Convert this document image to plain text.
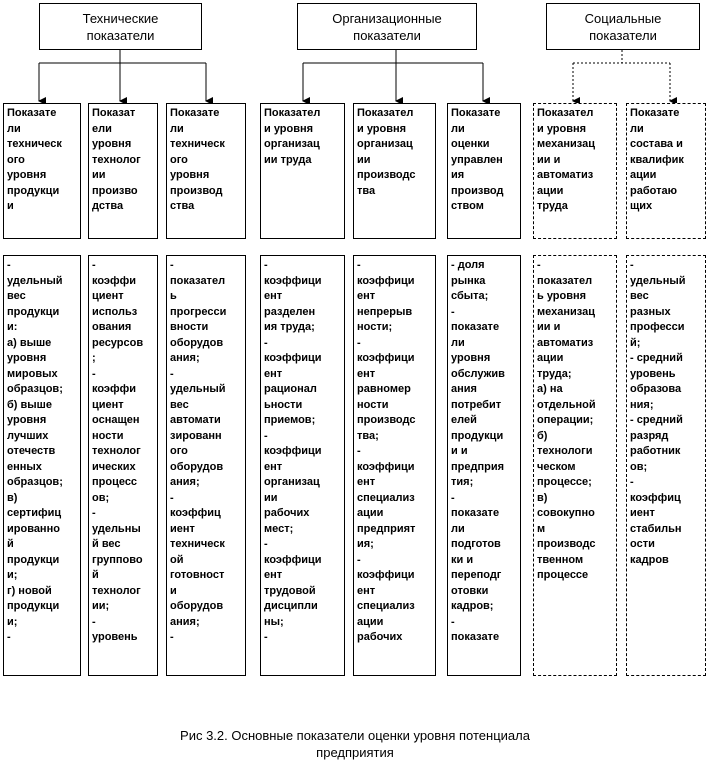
Технические
показатели
Организационные
показатели
Социальные
показатели
Показате
ли
техническ
ого
уровня
продукци
и
Показат
ели
уровня
технолог
ии
произво
дства
Показате
ли
техническ
ого
уровня
производ
ства
Показател
и уровня
организац
ии труда
Показател
и уровня
организац
ии
производс
тва
Показате
ли
оценки
управлен
ия
производ
ством
Показател
и уровня
механизац
ии и
автоматиз
ации
труда
Показате
ли
состава и
квалифик
ации
работаю
щих
-
удельный
вес
продукци
и:
а) выше
уровня
мировых
образцов;
б) выше
уровня
лучших
отечеств
енных
образцов;
в)
сертифиц
ированно
й
продукци
и;
г) новой
продукци
и;
-
-
коэффи
циент
использ
ования
ресурсов
;
-
коэффи
циент
оснащен
ности
технолог
ических
процесс
ов;
-
удельны
й вес
группово
й
технолог
ии;
-
уровень
-
показател
ь
прогресси
вности
оборудов
ания;
-
удельный
вес
автомати
зированн
ого
оборудов
ания;
-
коэффиц
иент
техническ
ой
готовност
и
оборудов
ания;
-
-
коэффици
ент
разделен
ия труда;
-
коэффици
ент
рационал
ьности
приемов;
-
коэффици
ент
организац
ии
рабочих
мест;
-
коэффици
ент
трудовой
дисципли
ны;
-
-
коэффици
ент
непрерыв
ности;
-
коэффици
ент
равномер
ности
производс
тва;
-
коэффици
ент
специализ
ации
предприят
ия;
-
коэффици
ент
специализ
ации
рабочих
- доля
рынка
сбыта;
-
показате
ли
уровня
обслужив
ания
потребит
елей
продукци
и и
предприя
тия;
-
показате
ли
подготов
ки и
переподг
отовки
кадров;
-
показате
-
показател
ь уровня
механизац
ии и
автоматиз
ации
труда;
а) на
отдельной
операции;
б)
технологи
ческом
процессе;
в)
совокупно
м
производс
твенном
процессе
-
удельный
вес
разных
професси
й;
- средний
уровень
образова
ния;
- средний
разряд
работник
ов;
-
коэффиц
иент
стабильн
ости
кадров
Рис 3.2. Основные показатели оценки уровня потенциала
предприятия
